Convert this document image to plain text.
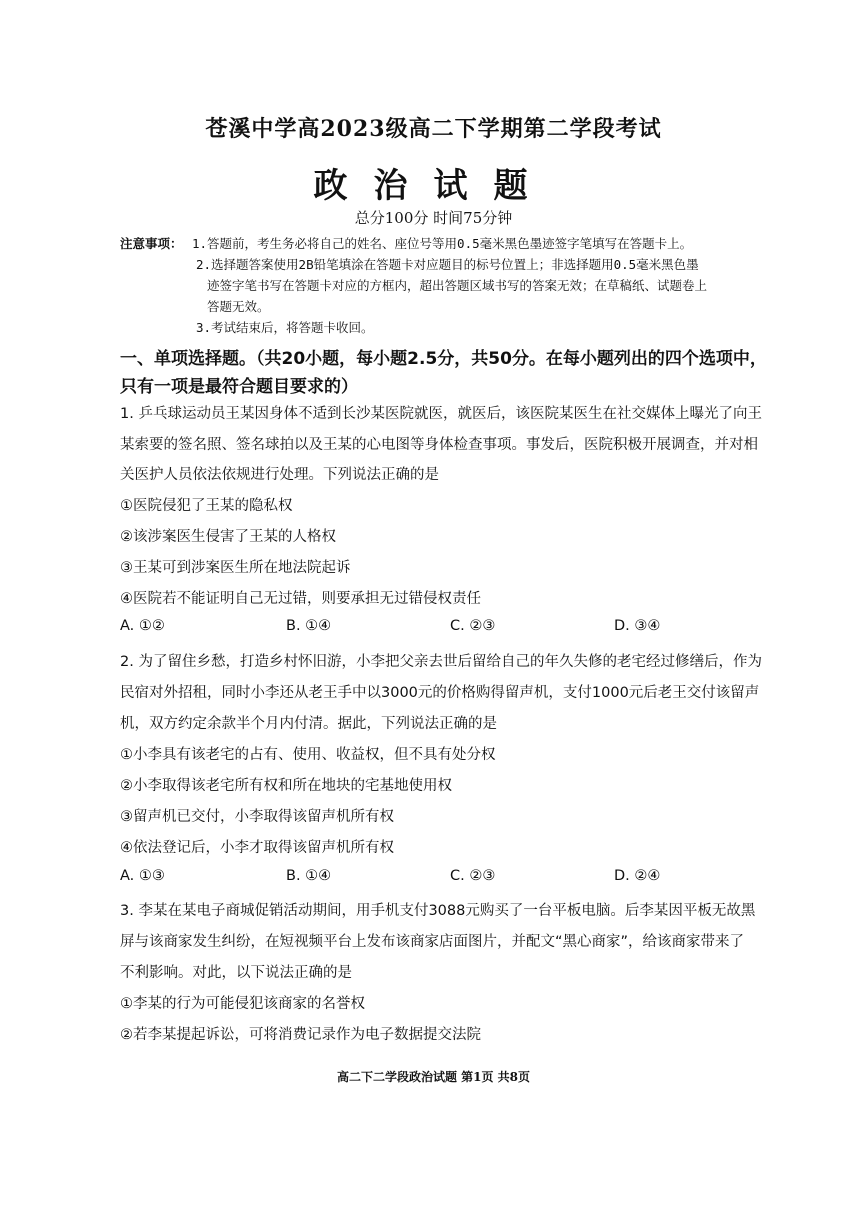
苍溪中学高2023级高二下学期第二学段考试
政治试题
总分100分 时间75分钟
注意事项： 1.答题前，考生务必将自己的姓名、座位号等用0.5毫米黑色墨迹签字笔填写在答题卡上。
2.选择题答案使用2B铅笔填涂在答题卡对应题目的标号位置上；非选择题用0.5毫米黑色墨
迹签字笔书写在答题卡对应的方框内，超出答题区域书写的答案无效；在草稿纸、试题卷上
答题无效。
3.考试结束后，将答题卡收回。
一、单项选择题。（共20小题，每小题2.5分，共50分。在每小题列出的四个选项中，
只有一项是最符合题目要求的）
1. 乒乓球运动员王某因身体不适到长沙某医院就医，就医后，该医院某医生在社交媒体上曝光了向王
某索要的签名照、签名球拍以及王某的心电图等身体检查事项。事发后，医院积极开展调查，并对相
关医护人员依法依规进行处理。下列说法正确的是
①医院侵犯了王某的隐私权
②该涉案医生侵害了王某的人格权
③王某可到涉案医生所在地法院起诉
④医院若不能证明自己无过错，则要承担无过错侵权责任
A. ①②	B. ①④	C. ②③	D. ③④
2. 为了留住乡愁，打造乡村怀旧游，小李把父亲去世后留给自己的年久失修的老宅经过修缮后，作为
民宿对外招租，同时小李还从老王手中以3000元的价格购得留声机，支付1000元后老王交付该留声
机，双方约定余款半个月内付清。据此，下列说法正确的是
①小李具有该老宅的占有、使用、收益权，但不具有处分权
②小李取得该老宅所有权和所在地块的宅基地使用权
③留声机已交付，小李取得该留声机所有权
④依法登记后，小李才取得该留声机所有权
A. ①③	B. ①④	C. ②③	D. ②④
3. 李某在某电子商城促销活动期间，用手机支付3088元购买了一台平板电脑。后李某因平板无故黑
屏与该商家发生纠纷，在短视频平台上发布该商家店面图片，并配文“黑心商家”，给该商家带来了
不利影响。对此，以下说法正确的是
①李某的行为可能侵犯该商家的名誉权
②若李某提起诉讼，可将消费记录作为电子数据提交法院
高二下二学段政治试题 第1页 共8页
